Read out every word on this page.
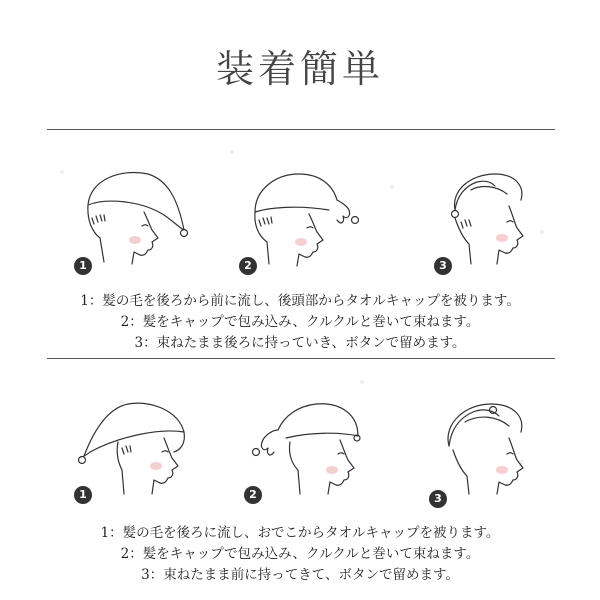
装着簡単
1	2	3
1：髪の毛を後ろから前に流し、後頭部からタオルキャップを被ります。
2：髪をキャップで包み込み、クルクルと巻いて束ねます。
3：束ねたまま後ろに持っていき、ボタンで留めます。
1	2	3
1：髪の毛を後ろに流し、おでこからタオルキャップを被ります。
2：髪をキャップで包み込み、クルクルと巻いて束ねます。
3：束ねたまま前に持ってきて、ボタンで留めます。
